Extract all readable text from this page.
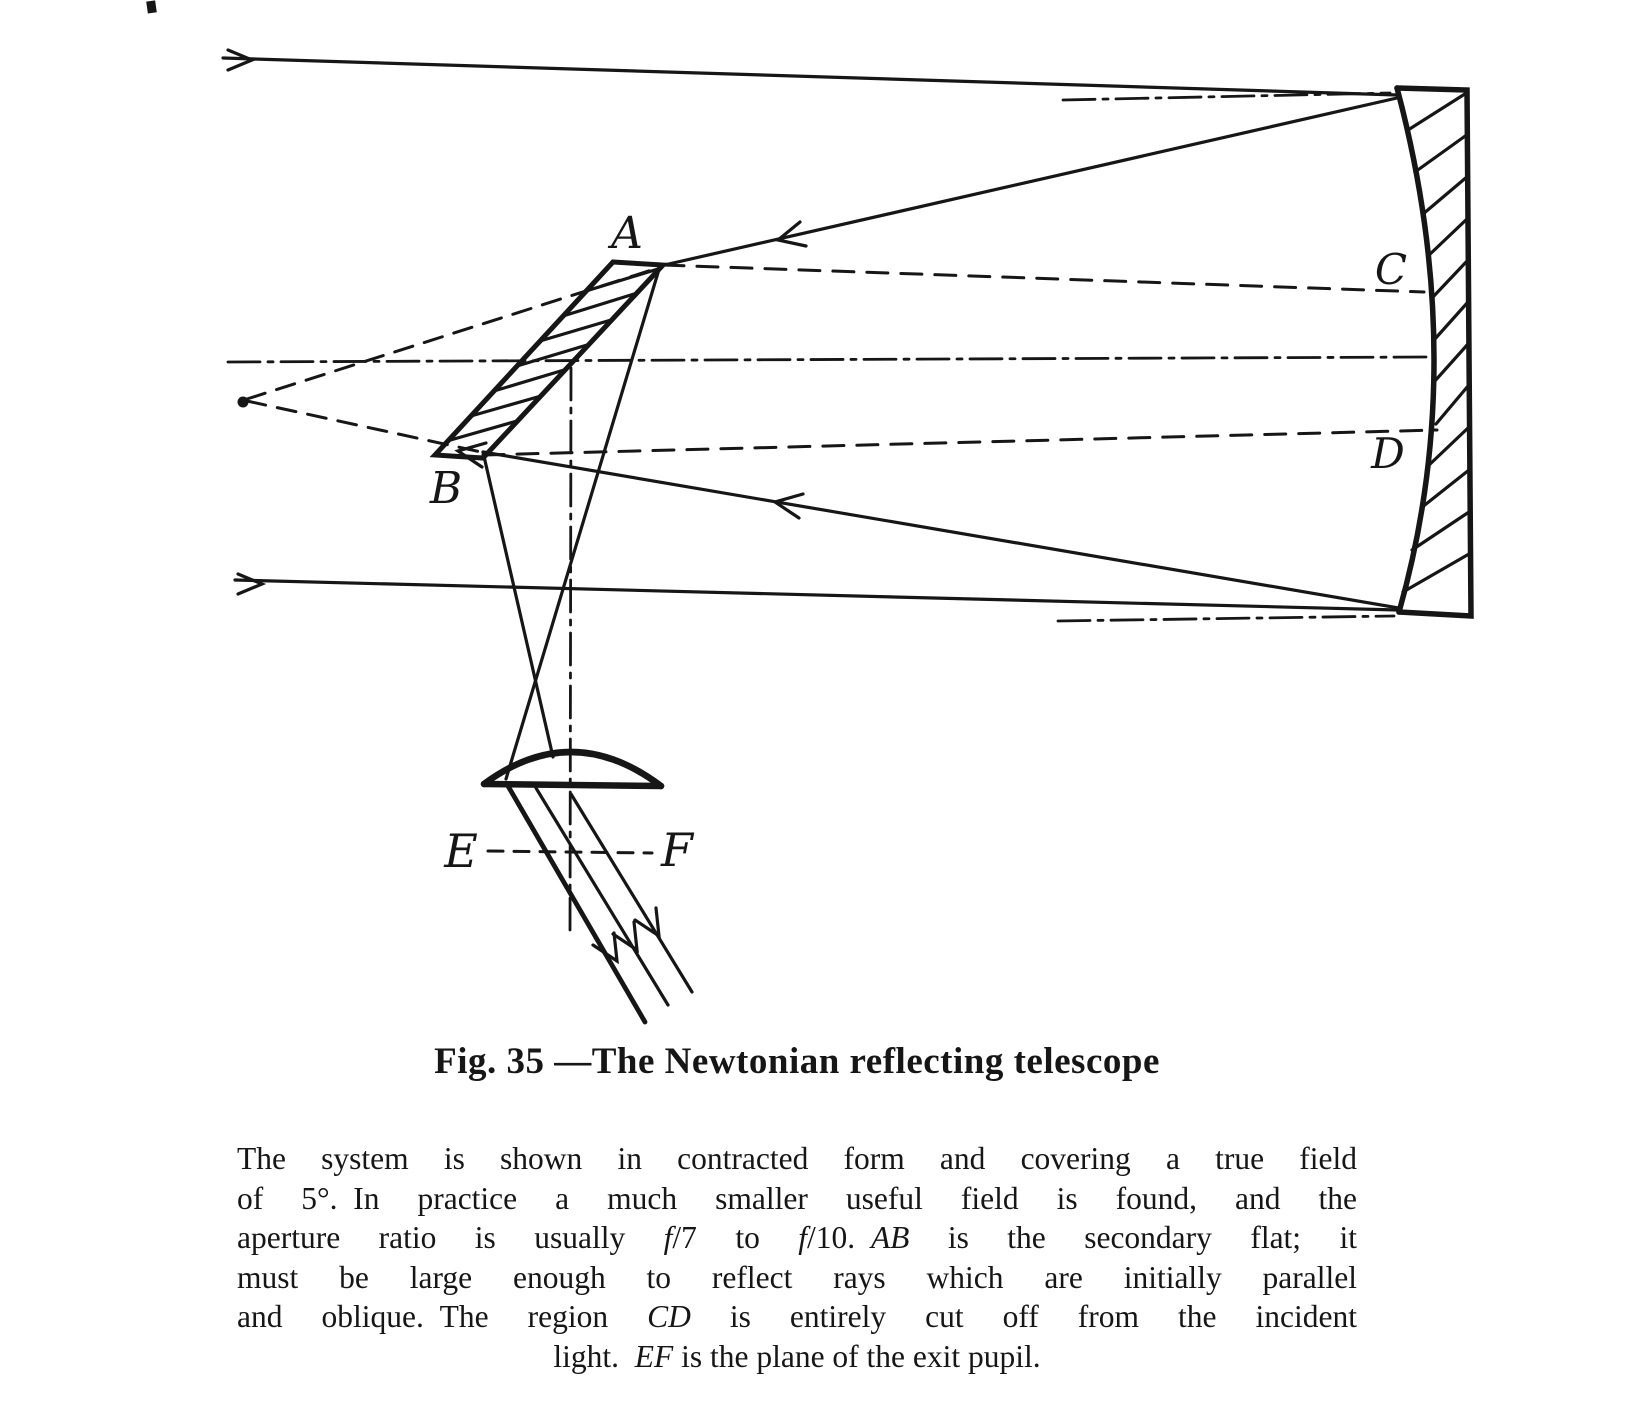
A
B
C
D
E	F
Fig. 35 —The Newtonian reflecting telescope
The system is shown in contracted form and covering a true field
of 5°. In practice a much smaller useful field is found, and the
aperture ratio is usually f/7 to f/10. AB is the secondary flat; it
must be large enough to reflect rays which are initially parallel
and oblique. The region CD is entirely cut off from the incident
light. EF is the plane of the exit pupil.
